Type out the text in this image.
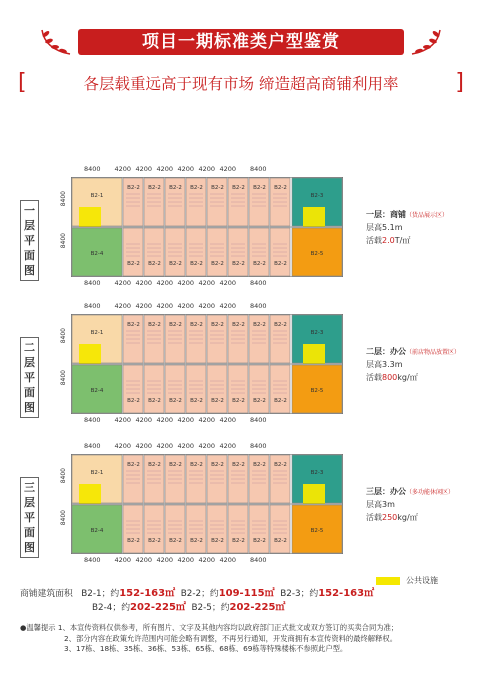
项目一期标准类户型鉴赏
[	各层载重远高于现有市场 缔造超高商铺利用率	]
一
层
平
面
图
8400 4200 4200 4200 4200 4200 4200 8400
8400 4200 4200 4200 4200 4200 4200 8400
8400
8400
B2-1
B2-4
B2-3
B2-5
B2-2 B2-2 B2-2 B2-2 B2-2 B2-2 B2-2 B2-2
B2-2 B2-2 B2-2 B2-2 B2-2 B2-2 B2-2 B2-2
一层：商铺（货品展示区）
层高5.1m
活载2.0T/㎡
二
层
平
面
图
8400 4200 4200 4200 4200 4200 4200 8400
8400 4200 4200 4200 4200 4200 4200 8400
8400
8400
B2-1
B2-4
B2-3
B2-5
B2-2 B2-2 B2-2 B2-2 B2-2 B2-2 B2-2 B2-2
B2-2 B2-2 B2-2 B2-2 B2-2 B2-2 B2-2 B2-2
二层：办公（前店物品放置区）
层高3.3m
活载800kg/㎡
三
层
平
面
图
8400 4200 4200 4200 4200 4200 4200 8400
8400 4200 4200 4200 4200 4200 4200 8400
8400
8400
B2-1
B2-4
B2-3
B2-5
B2-2 B2-2 B2-2 B2-2 B2-2 B2-2 B2-2 B2-2
B2-2 B2-2 B2-2 B2-2 B2-2 B2-2 B2-2 B2-2
三层：办公（多功能休闲区）
层高3m
活载250kg/㎡
公共设施
商铺建筑面积 B2-1；约152-163㎡ B2-2；约109-115㎡ B2-3；约152-163㎡
B2-4；约202-225㎡ B2-5；约202-225㎡
●温馨提示 1、本宣传资料仅供参考，所有图片、文字及其他内容均以政府部门正式批文或双方签订的买卖合同为准；
2、部分内容在政策允许范围内可能会略有调整，不再另行通知，开发商拥有本宣传资料的最终解释权。
3、17栋、18栋、35栋、36栋、53栋、65栋、68栋、69栋等特殊楼栋不参照此户型。
